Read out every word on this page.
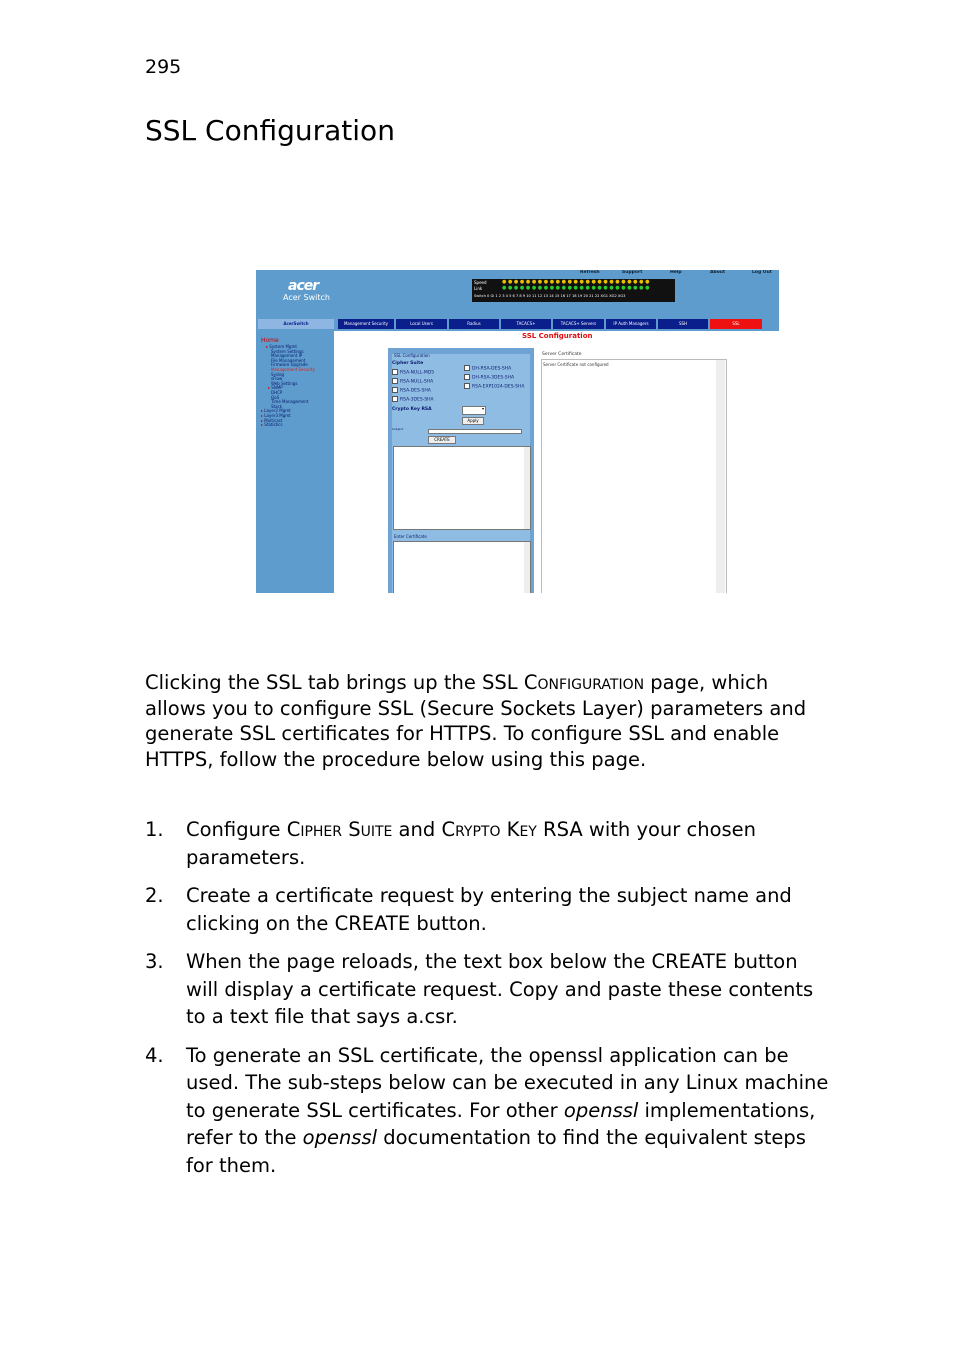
295
SSL Configuration
acer
Acer Switch
Refresh	Support	Help	About	Log Out
Speed	●●●●●●●●●●●●●●●●●●●●●●●●●
Link	●●●●●●●●●●●●●●●●●●●●●●●●●
Switch 0 Gi 1 2 3 4 5 6 7 8 9 10 11 12 13 14 15 16 17 18 19 20 21 22 XG1 XG2 XG3
AcerSwitch	Management Security	Local Users	Radius	TACACS+	TACACS+ Servers	IP Auth Managers	SSH	SSL
Home
▸ System Mgmt
System Settings
Management IP
File Management
Firmware Upgrade
Management Security
Syslog
sFlow
Web Settings
▸ SNMP
DHCP
QoS
Time Management
Stack
▸ Layer2 Mgmt
▸ Layer3 Mgmt
▸ Multicast
▸ Statistics
SSL Configuration
SSL Configuration
Cipher Suite
RSA-NULL-MD5
RSA-NULL-SHA
RSA-DES-SHA
RSA-3DES-SHA
DH-RSA-DES-SHA
DH-RSA-3DES-SHA
RSA-EXP1024-DES-SHA
Crypto Key RSA	▾
Apply
Subject
CREATE
Enter Certificate
Server Certificate
Server Certificate not configured

Clicking the SSL tab brings up the SSL Configuration page, which allows you to configure SSL (Secure Sockets Layer) parameters and generate SSL certificates for HTTPS. To configure SSL and enable HTTPS, follow the procedure below using this page.

1. Configure Cipher Suite and Crypto Key RSA with your chosen parameters.
2. Create a certificate request by entering the subject name and clicking on the CREATE button.
3. When the page reloads, the text box below the CREATE button will display a certificate request. Copy and paste these contents to a text file that says a.csr.
4. To generate an SSL certificate, the openssl application can be used. The sub-steps below can be executed in any Linux machine to generate SSL certificates. For other openssl implementations, refer to the openssl documentation to find the equivalent steps for them.
